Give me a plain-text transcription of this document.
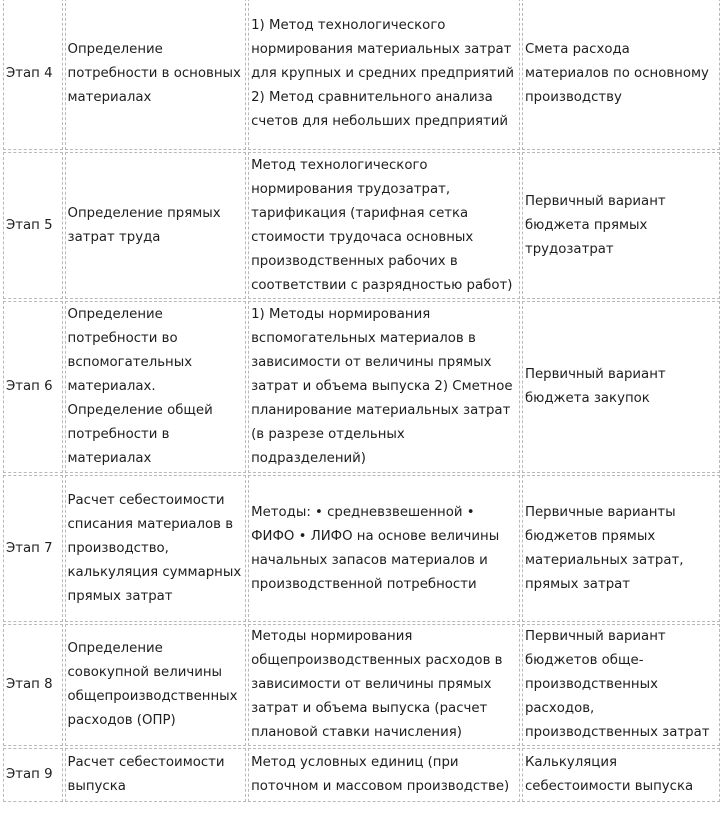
Этап 4	Определение потребности в основных материалах	1) Метод технологического нормирования материальных затрат для крупных и средних предприятий 2) Метод сравнительного анализа счетов для небольших предприятий	Смета расхода материалов по основному производству
Этап 5	Определение прямых затрат труда	Метод технологического нормирования трудозатрат, тарификация (тарифная сетка стоимости трудочаса основных производственных рабочих в соответствии с разрядностью работ)	Первичный вариант бюджета прямых трудозатрат
Этап 6	Определение потребности во вспомогательных материалах. Определение общей потребности в материалах	1) Методы нормирования вспомогательных материалов в зависимости от величины прямых затрат и объема выпуска 2) Сметное планирование материальных затрат (в разрезе отдельных подразделений)	Первичный вариант бюджета закупок
Этап 7	Расчет себестоимости списания материалов в производство, калькуляция суммарных прямых затрат	Методы: • средневзвешенной • ФИФО • ЛИФО на основе величины начальных запасов материалов и производственной потребности	Первичные варианты бюджетов прямых материальных затрат, прямых затрат
Этап 8	Определение совокупной величины общепроизводственных расходов (ОПР)	Методы нормирования общепроизводственных расходов в зависимости от величины прямых затрат и объема выпуска (расчет плановой ставки начисления)	Первичный вариант бюджетов обще-производственных расходов, производственных затрат
Этап 9	Расчет себестоимости выпуска	Метод условных единиц (при поточном и массовом производстве)	Калькуляция себестоимости выпуска
